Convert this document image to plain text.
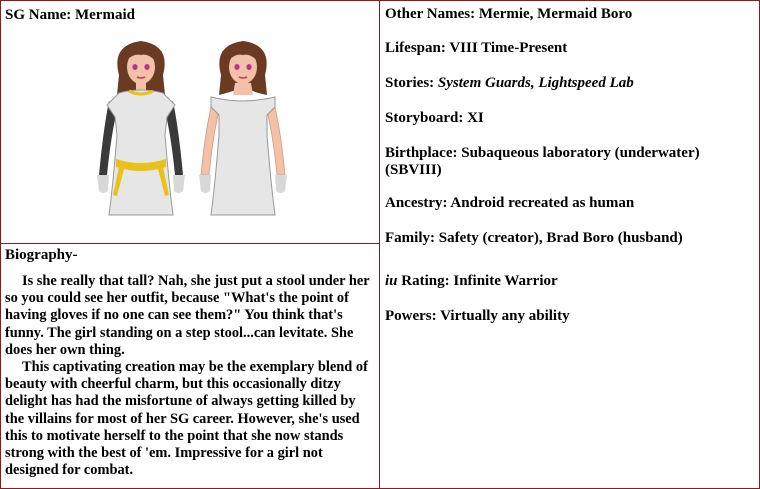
SG Name: Mermaid
Biography-

Is she really that tall? Nah, she just put a stool under her so you could see her outfit, because "What's the point of having gloves if no one can see them?" You think that's funny. The girl standing on a step stool...can levitate. She does her own thing.

This captivating creation may be the exemplary blend of beauty with cheerful charm, but this occasionally ditzy delight has had the misfortune of always getting killed by the villains for most of her SG career. However, she's used this to motivate herself to the point that she now stands strong with the best of 'em. Impressive for a girl not designed for combat.

Other Names: Mermie, Mermaid Boro
Lifespan: VIII Time-Present
Stories: System Guards, Lightspeed Lab
Storyboard: XI
Birthplace: Subaqueous laboratory (underwater) (SBVIII)
Ancestry: Android recreated as human
Family: Safety (creator), Brad Boro (husband)
iu Rating: Infinite Warrior
Powers: Virtually any ability
